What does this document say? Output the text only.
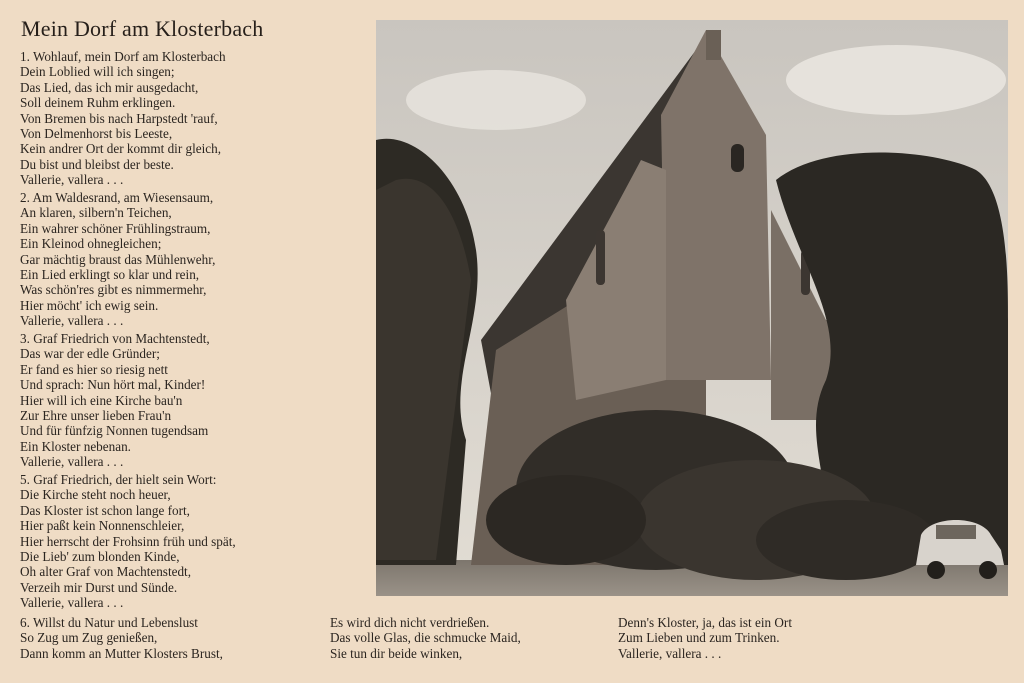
Mein Dorf am Klosterbach
1. Wohlauf, mein Dorf am Klosterbach
Dein Loblied will ich singen;
Das Lied, das ich mir ausgedacht,
Soll deinem Ruhm erklingen.
Von Bremen bis nach Harpstedt 'rauf,
Von Delmenhorst bis Leeste,
Kein andrer Ort der kommt dir gleich,
Du bist und bleibst der beste.
Vallerie, vallera . . .
2. Am Waldesrand, am Wiesensaum,
An klaren, silbern'n Teichen,
Ein wahrer schöner Frühlingstraum,
Ein Kleinod ohnegleichen;
Gar mächtig braust das Mühlenwehr,
Ein Lied erklingt so klar und rein,
Was schön'res gibt es nimmermehr,
Hier möcht' ich ewig sein.
Vallerie, vallera . . .
3. Graf Friedrich von Machtenstedt,
Das war der edle Gründer;
Er fand es hier so riesig nett
Und sprach: Nun hört mal, Kinder!
Hier will ich eine Kirche bau'n
Zur Ehre unser lieben Frau'n
Und für fünfzig Nonnen tugendsam
Ein Kloster nebenan.
Vallerie, vallera . . .
5. Graf Friedrich, der hielt sein Wort:
Die Kirche steht noch heuer,
Das Kloster ist schon lange fort,
Hier paßt kein Nonnenschleier,
Hier herrscht der Frohsinn früh und spät,
Die Lieb' zum blonden Kinde,
Oh alter Graf von Machtenstedt,
Verzeih mir Durst und Sünde.
Vallerie, vallera . . .
6. Willst du Natur und Lebenslust
So Zug um Zug genießen,
Dann komm an Mutter Klosters Brust,
Es wird dich nicht verdrießen.
Das volle Glas, die schmucke Maid,
Sie tun dir beide winken,
Denn's Kloster, ja, das ist ein Ort
Zum Lieben und zum Trinken.
Vallerie, vallera . . .
